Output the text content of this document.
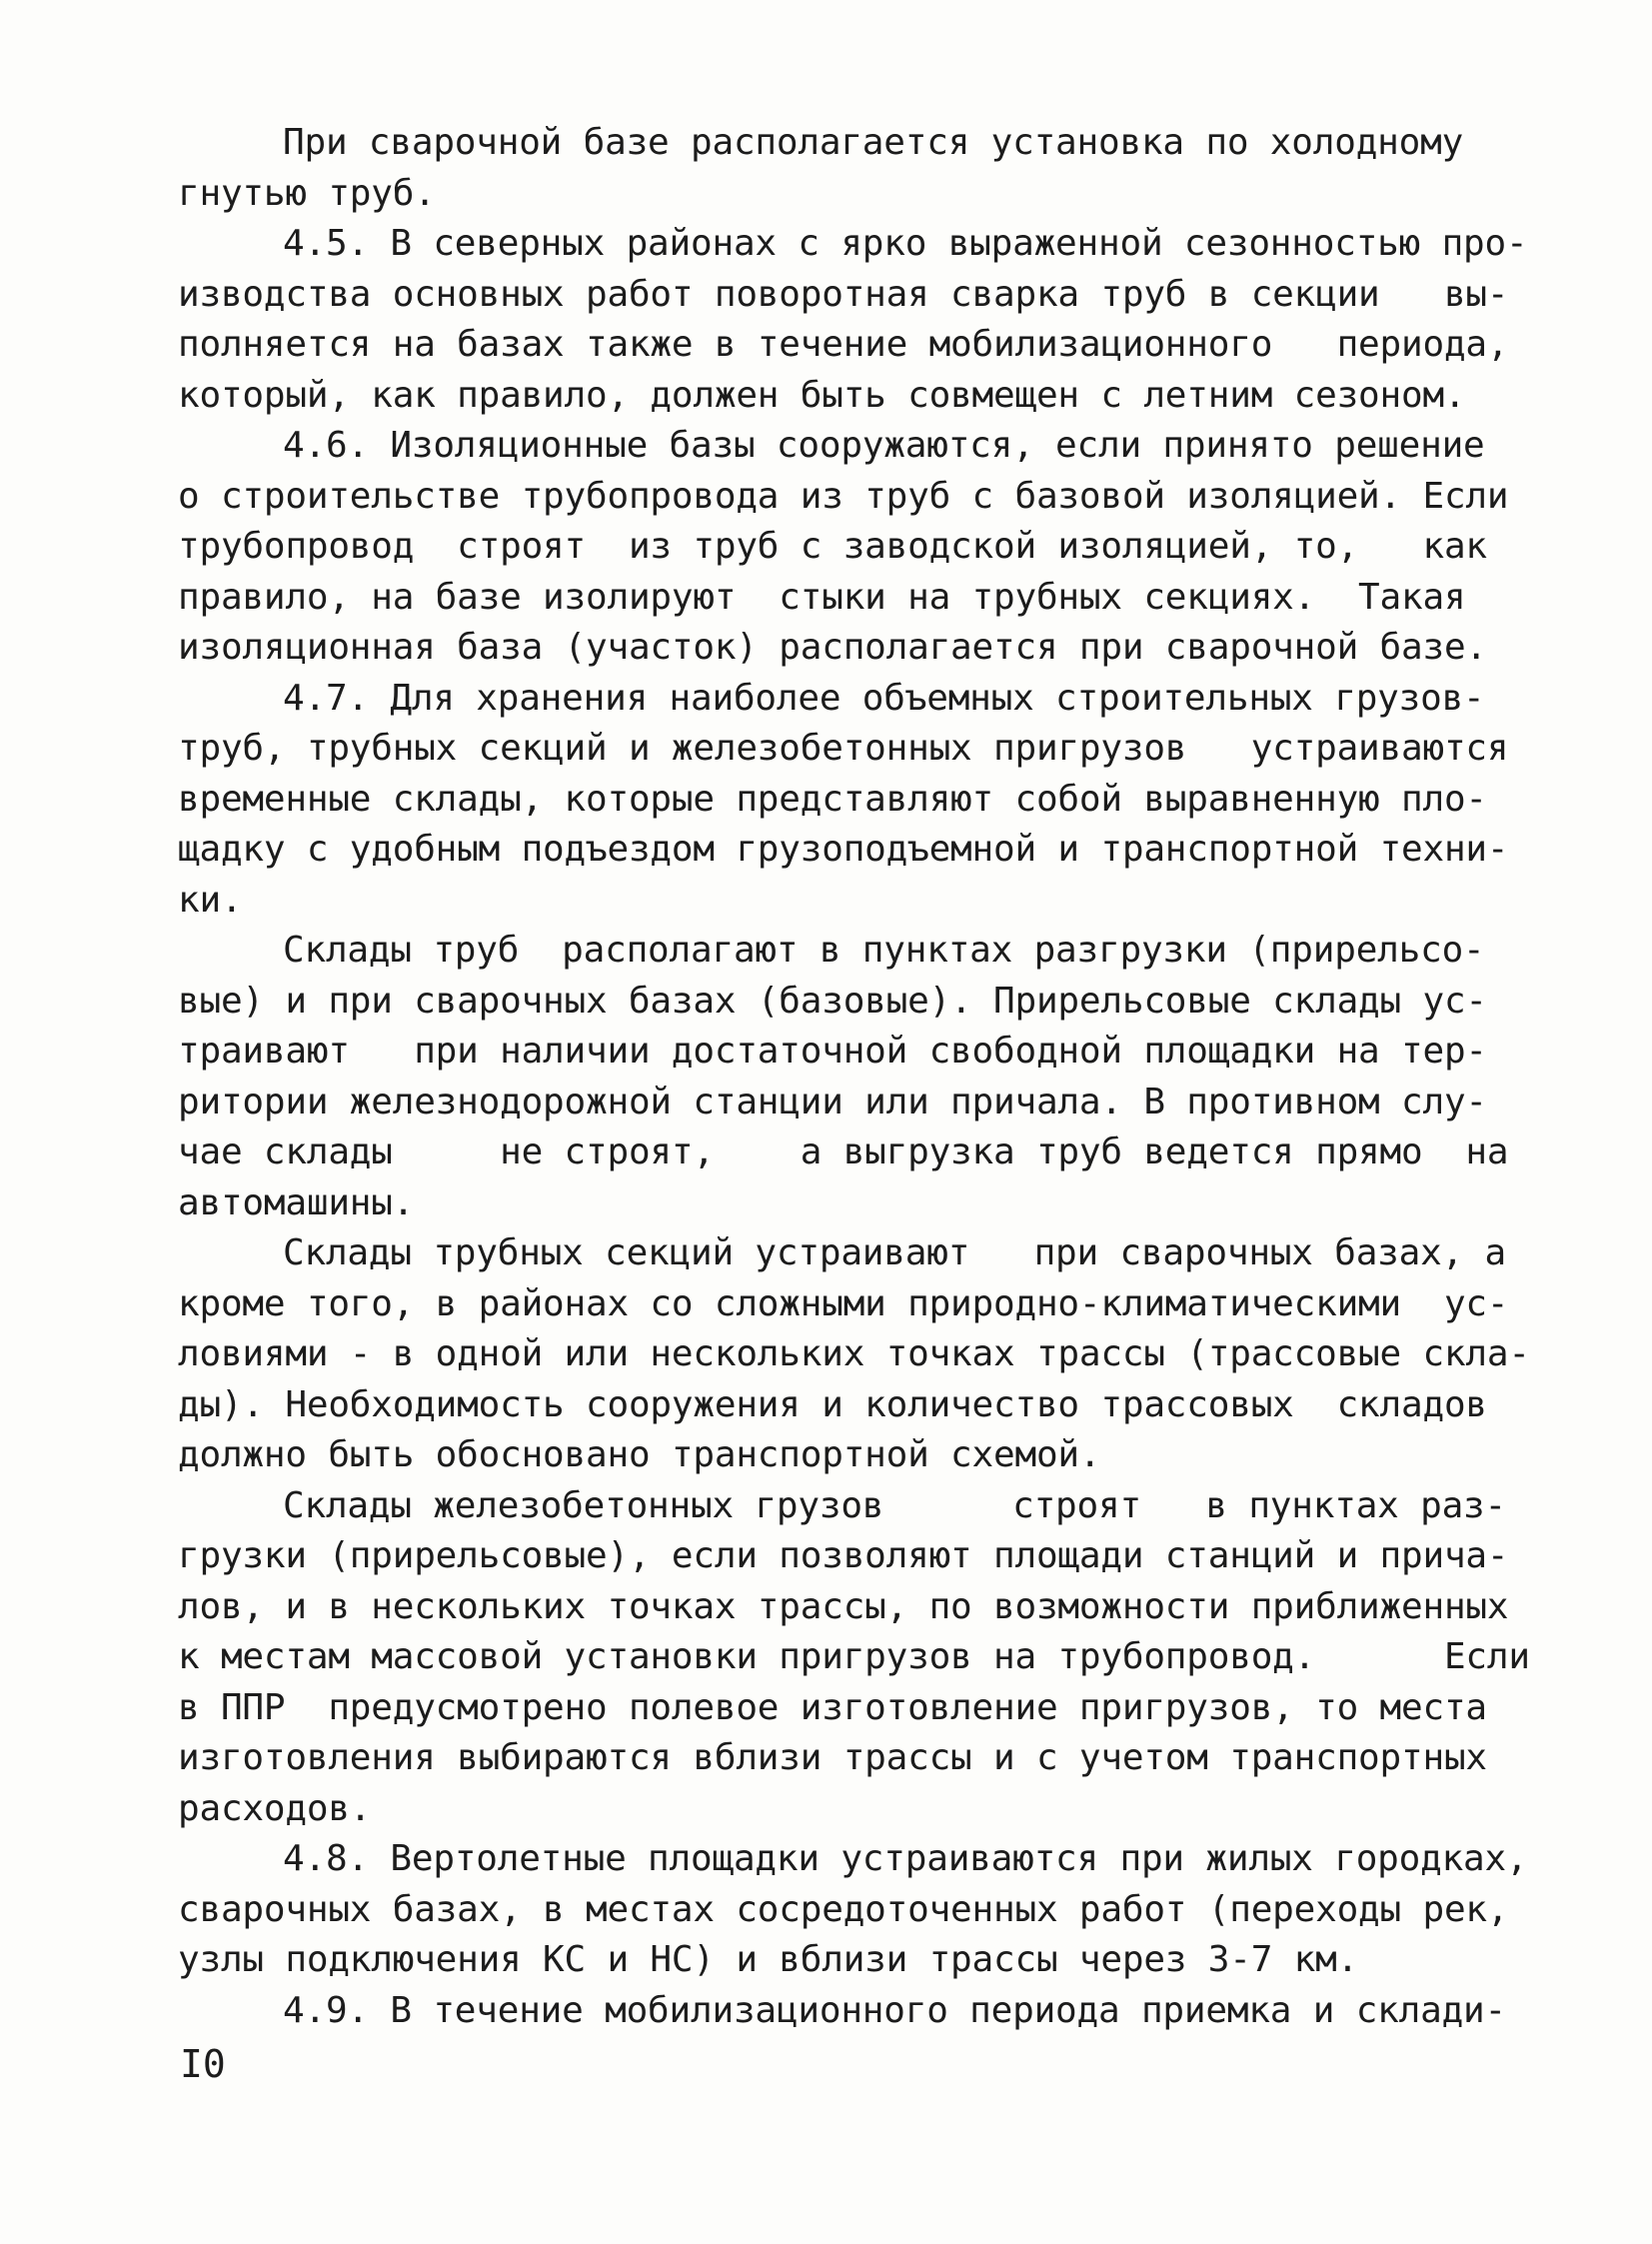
При сварочной базе располагается установка по холодному
гнутью труб.
4.5. В северных районах с ярко выраженной сезонностью про-
изводства основных работ поворотная сварка труб в секции   вы-
полняется на базах также в течение мобилизационного   периода,
который, как правило, должен быть совмещен с летним сезоном.
4.6. Изоляционные базы сооружаются, если принято решение
о строительстве трубопровода из труб с базовой изоляцией. Если
трубопровод  строят  из труб с заводской изоляцией, то,   как
правило, на базе изолируют  стыки на трубных секциях.  Такая
изоляционная база (участок) располагается при сварочной базе.
4.7. Для хранения наиболее объемных строительных грузов-
труб, трубных секций и железобетонных пригрузов   устраиваются
временные склады, которые представляют собой выравненную пло-
щадку с удобным подъездом грузоподъемной и транспортной техни-
ки.
Склады труб  располагают в пунктах разгрузки (прирельсо-
вые) и при сварочных базах (базовые). Прирельсовые склады ус-
траивают   при наличии достаточной свободной площадки на тер-
ритории железнодорожной станции или причала. В противном слу-
чае склады     не строят,    а выгрузка труб ведется прямо  на
автомашины.
Склады трубных секций устраивают   при сварочных базах, а
кроме того, в районах со сложными природно-климатическими  ус-
ловиями - в одной или нескольких точках трассы (трассовые скла-
ды). Необходимость сооружения и количество трассовых  складов
должно быть обосновано транспортной схемой.
Склады железобетонных грузов      строят   в пунктах раз-
грузки (прирельсовые), если позволяют площади станций и прича-
лов, и в нескольких точках трассы, по возможности приближенных
к местам массовой установки пригрузов на трубопровод.      Если
в ППР  предусмотрено полевое изготовление пригрузов, то места
изготовления выбираются вблизи трассы и с учетом транспортных
расходов.
4.8. Вертолетные площадки устраиваются при жилых городках,
сварочных базах, в местах сосредоточенных работ (переходы рек,
узлы подключения КС и НС) и вблизи трассы через 3-7 км.
4.9. В течение мобилизационного периода приемка и склади-
I0
